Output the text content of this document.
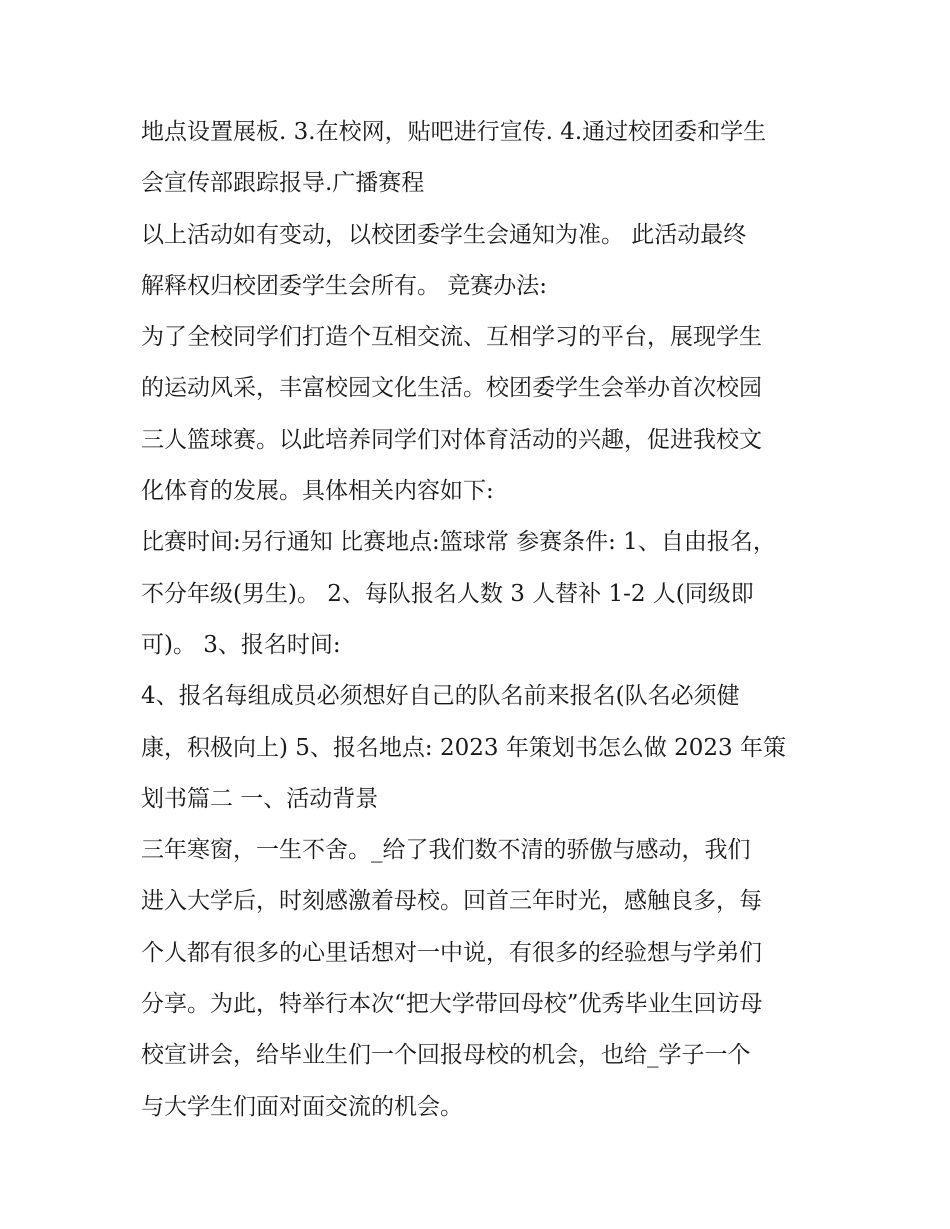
地点设置展板. 3.在校网，贴吧进行宣传. 4.通过校团委和学生
会宣传部跟踪报导.广播赛程
以上活动如有变动，以校团委学生会通知为准。 此活动最终
解释权归校团委学生会所有。 竞赛办法:
为了全校同学们打造个互相交流、互相学习的平台，展现学生
的运动风采，丰富校园文化生活。校团委学生会举办首次校园
三人篮球赛。以此培养同学们对体育活动的兴趣，促进我校文
化体育的发展。具体相关内容如下:
比赛时间:另行通知 比赛地点:篮球常 参赛条件: 1、自由报名，
不分年级(男生)。 2、每队报名人数 3 人替补 1-2 人(同级即
可)。 3、报名时间:
4、报名每组成员必须想好自己的队名前来报名(队名必须健
康，积极向上) 5、报名地点: 2023 年策划书怎么做 2023 年策
划书篇二 一、活动背景
三年寒窗，一生不舍。_给了我们数不清的骄傲与感动，我们
进入大学后，时刻感激着母校。回首三年时光，感触良多，每
个人都有很多的心里话想对一中说，有很多的经验想与学弟们
分享。为此，特举行本次“把大学带回母校”优秀毕业生回访母
校宣讲会，给毕业生们一个回报母校的机会，也给_学子一个
与大学生们面对面交流的机会。
